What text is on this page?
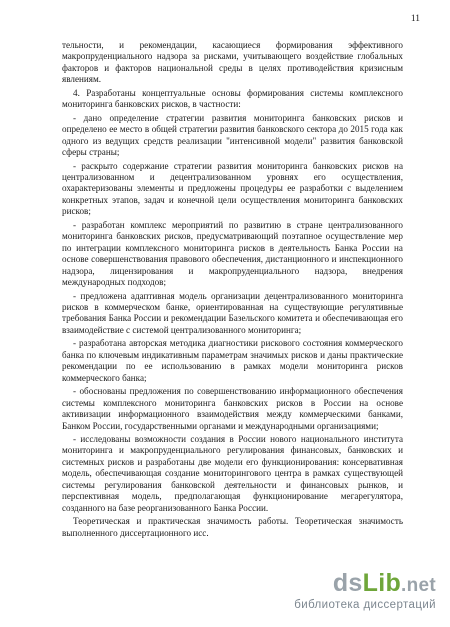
11

тельности, и рекомендации, касающиеся формирования эффективного макропруденциального надзора за рисками, учитывающего воздействие глобальных факторов и факторов национальной среды в целях противодействия кризисным явлениям.

4. Разработаны концептуальные основы формирования системы комплексного мониторинга банковских рисков, в частности:

- дано определение стратегии развития мониторинга банковских рисков и определено ее место в общей стратегии развития банковского сектора до 2015 года как одного из ведущих средств реализации "интенсивной модели" развития банковской сферы страны;

- раскрыто содержание стратегии развития мониторинга банковских рисков на централизованном и децентрализованном уровнях его осуществления, охарактеризованы элементы и предложены процедуры ее разработки с выделением конкретных этапов, задач и конечной цели осуществления мониторинга банковских рисков;

- разработан комплекс мероприятий по развитию в стране централизованного мониторинга банковских рисков, предусматривающий поэтапное осуществление мер по интеграции комплексного мониторинга рисков в деятельность Банка России на основе совершенствования правового обеспечения, дистанционного и инспекционного надзора, лицензирования и макропруденциального надзора, внедрения международных подходов;

- предложена адаптивная модель организации децентрализованного мониторинга рисков в коммерческом банке, ориентированная на существующие регулятивные требования Банка России и рекомендации Базельского комитета и обеспечивающая его взаимодействие с системой централизованного мониторинга;

- разработана авторская методика диагностики рискового состояния коммерческого банка по ключевым индикативным параметрам значимых рисков и даны практические рекомендации по ее использованию в рамках модели мониторинга рисков коммерческого банка;

- обоснованы предложения по совершенствованию информационного обеспечения системы комплексного мониторинга банковских рисков в России на основе активизации информационного взаимодействия между коммерческими банками, Банком России, государственными органами и международными организациями;

- исследованы возможности создания в России нового национального института мониторинга и макропруденциального регулирования финансовых, банковских и системных рисков и разработаны две модели его функционирования: консервативная модель, обеспечивающая создание мониторингового центра в рамках существующей системы регулирования банковской деятельности и финансовых рынков, и перспективная модель, предполагающая функционирование мегарегулятора, созданного на базе реорганизованного Банка России.

Теоретическая и практическая значимость работы. Теоретическая значимость выполненного диссертационного исс.

dsLib.net
библиотека диссертаций
